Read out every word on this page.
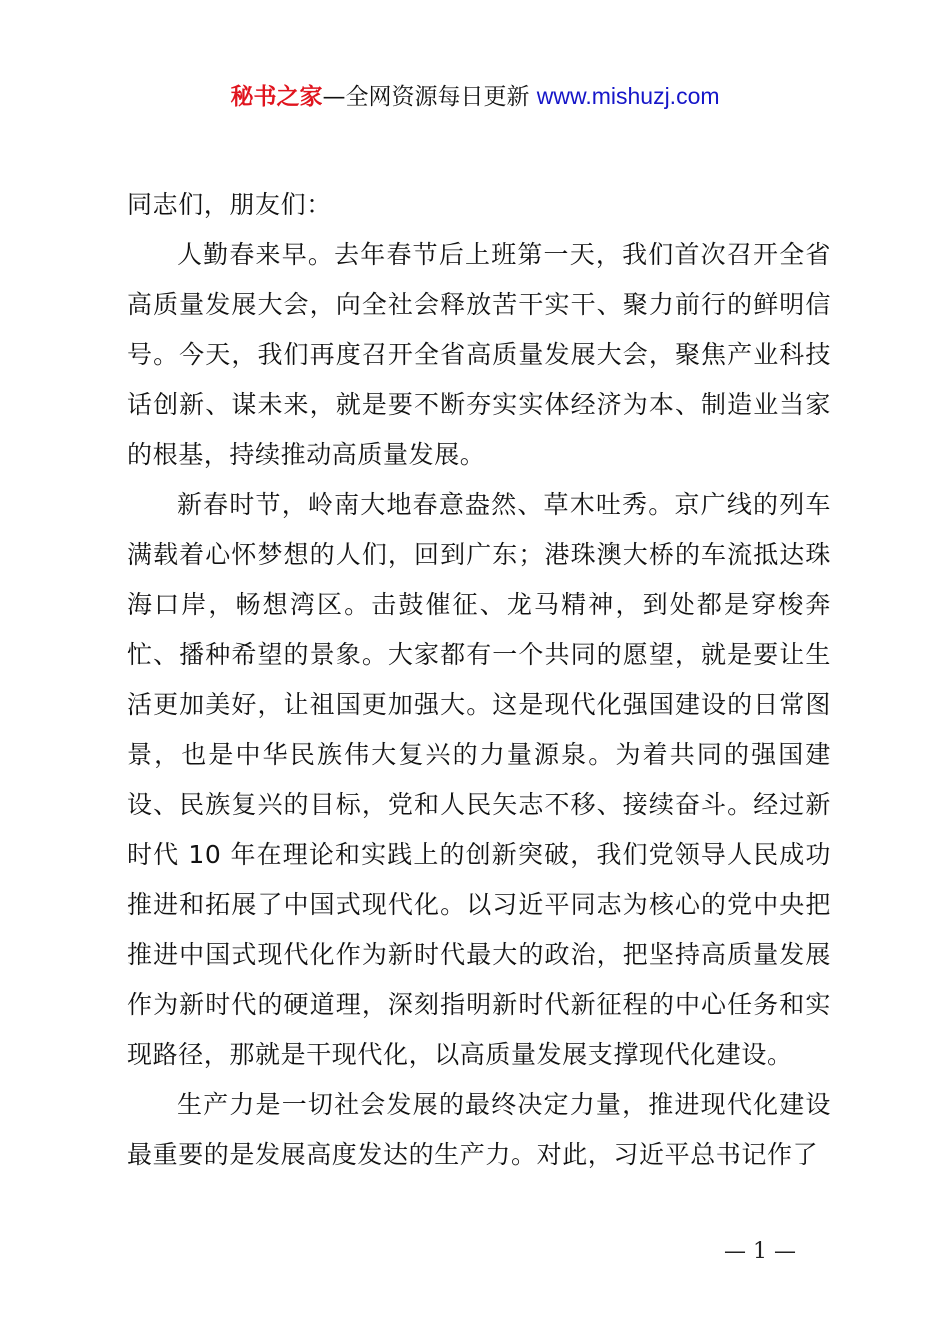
秘书之家—全网资源每日更新 www.mishuzj.com

同志们，朋友们：

人勤春来早。去年春节后上班第一天，我们首次召开全省高质量发展大会，向全社会释放苦干实干、聚力前行的鲜明信号。今天，我们再度召开全省高质量发展大会，聚焦产业科技话创新、谋未来，就是要不断夯实实体经济为本、制造业当家的根基，持续推动高质量发展。

新春时节，岭南大地春意盎然、草木吐秀。京广线的列车满载着心怀梦想的人们，回到广东；港珠澳大桥的车流抵达珠海口岸，畅想湾区。击鼓催征、龙马精神，到处都是穿梭奔忙、播种希望的景象。大家都有一个共同的愿望，就是要让生活更加美好，让祖国更加强大。这是现代化强国建设的日常图景，也是中华民族伟大复兴的力量源泉。为着共同的强国建设、民族复兴的目标，党和人民矢志不移、接续奋斗。经过新时代 10 年在理论和实践上的创新突破，我们党领导人民成功推进和拓展了中国式现代化。以习近平同志为核心的党中央把推进中国式现代化作为新时代最大的政治，把坚持高质量发展作为新时代的硬道理，深刻指明新时代新征程的中心任务和实现路径，那就是干现代化，以高质量发展支撑现代化建设。

生产力是一切社会发展的最终决定力量，推进现代化建设最重要的是发展高度发达的生产力。对此，习近平总书记作了

— 1 —
